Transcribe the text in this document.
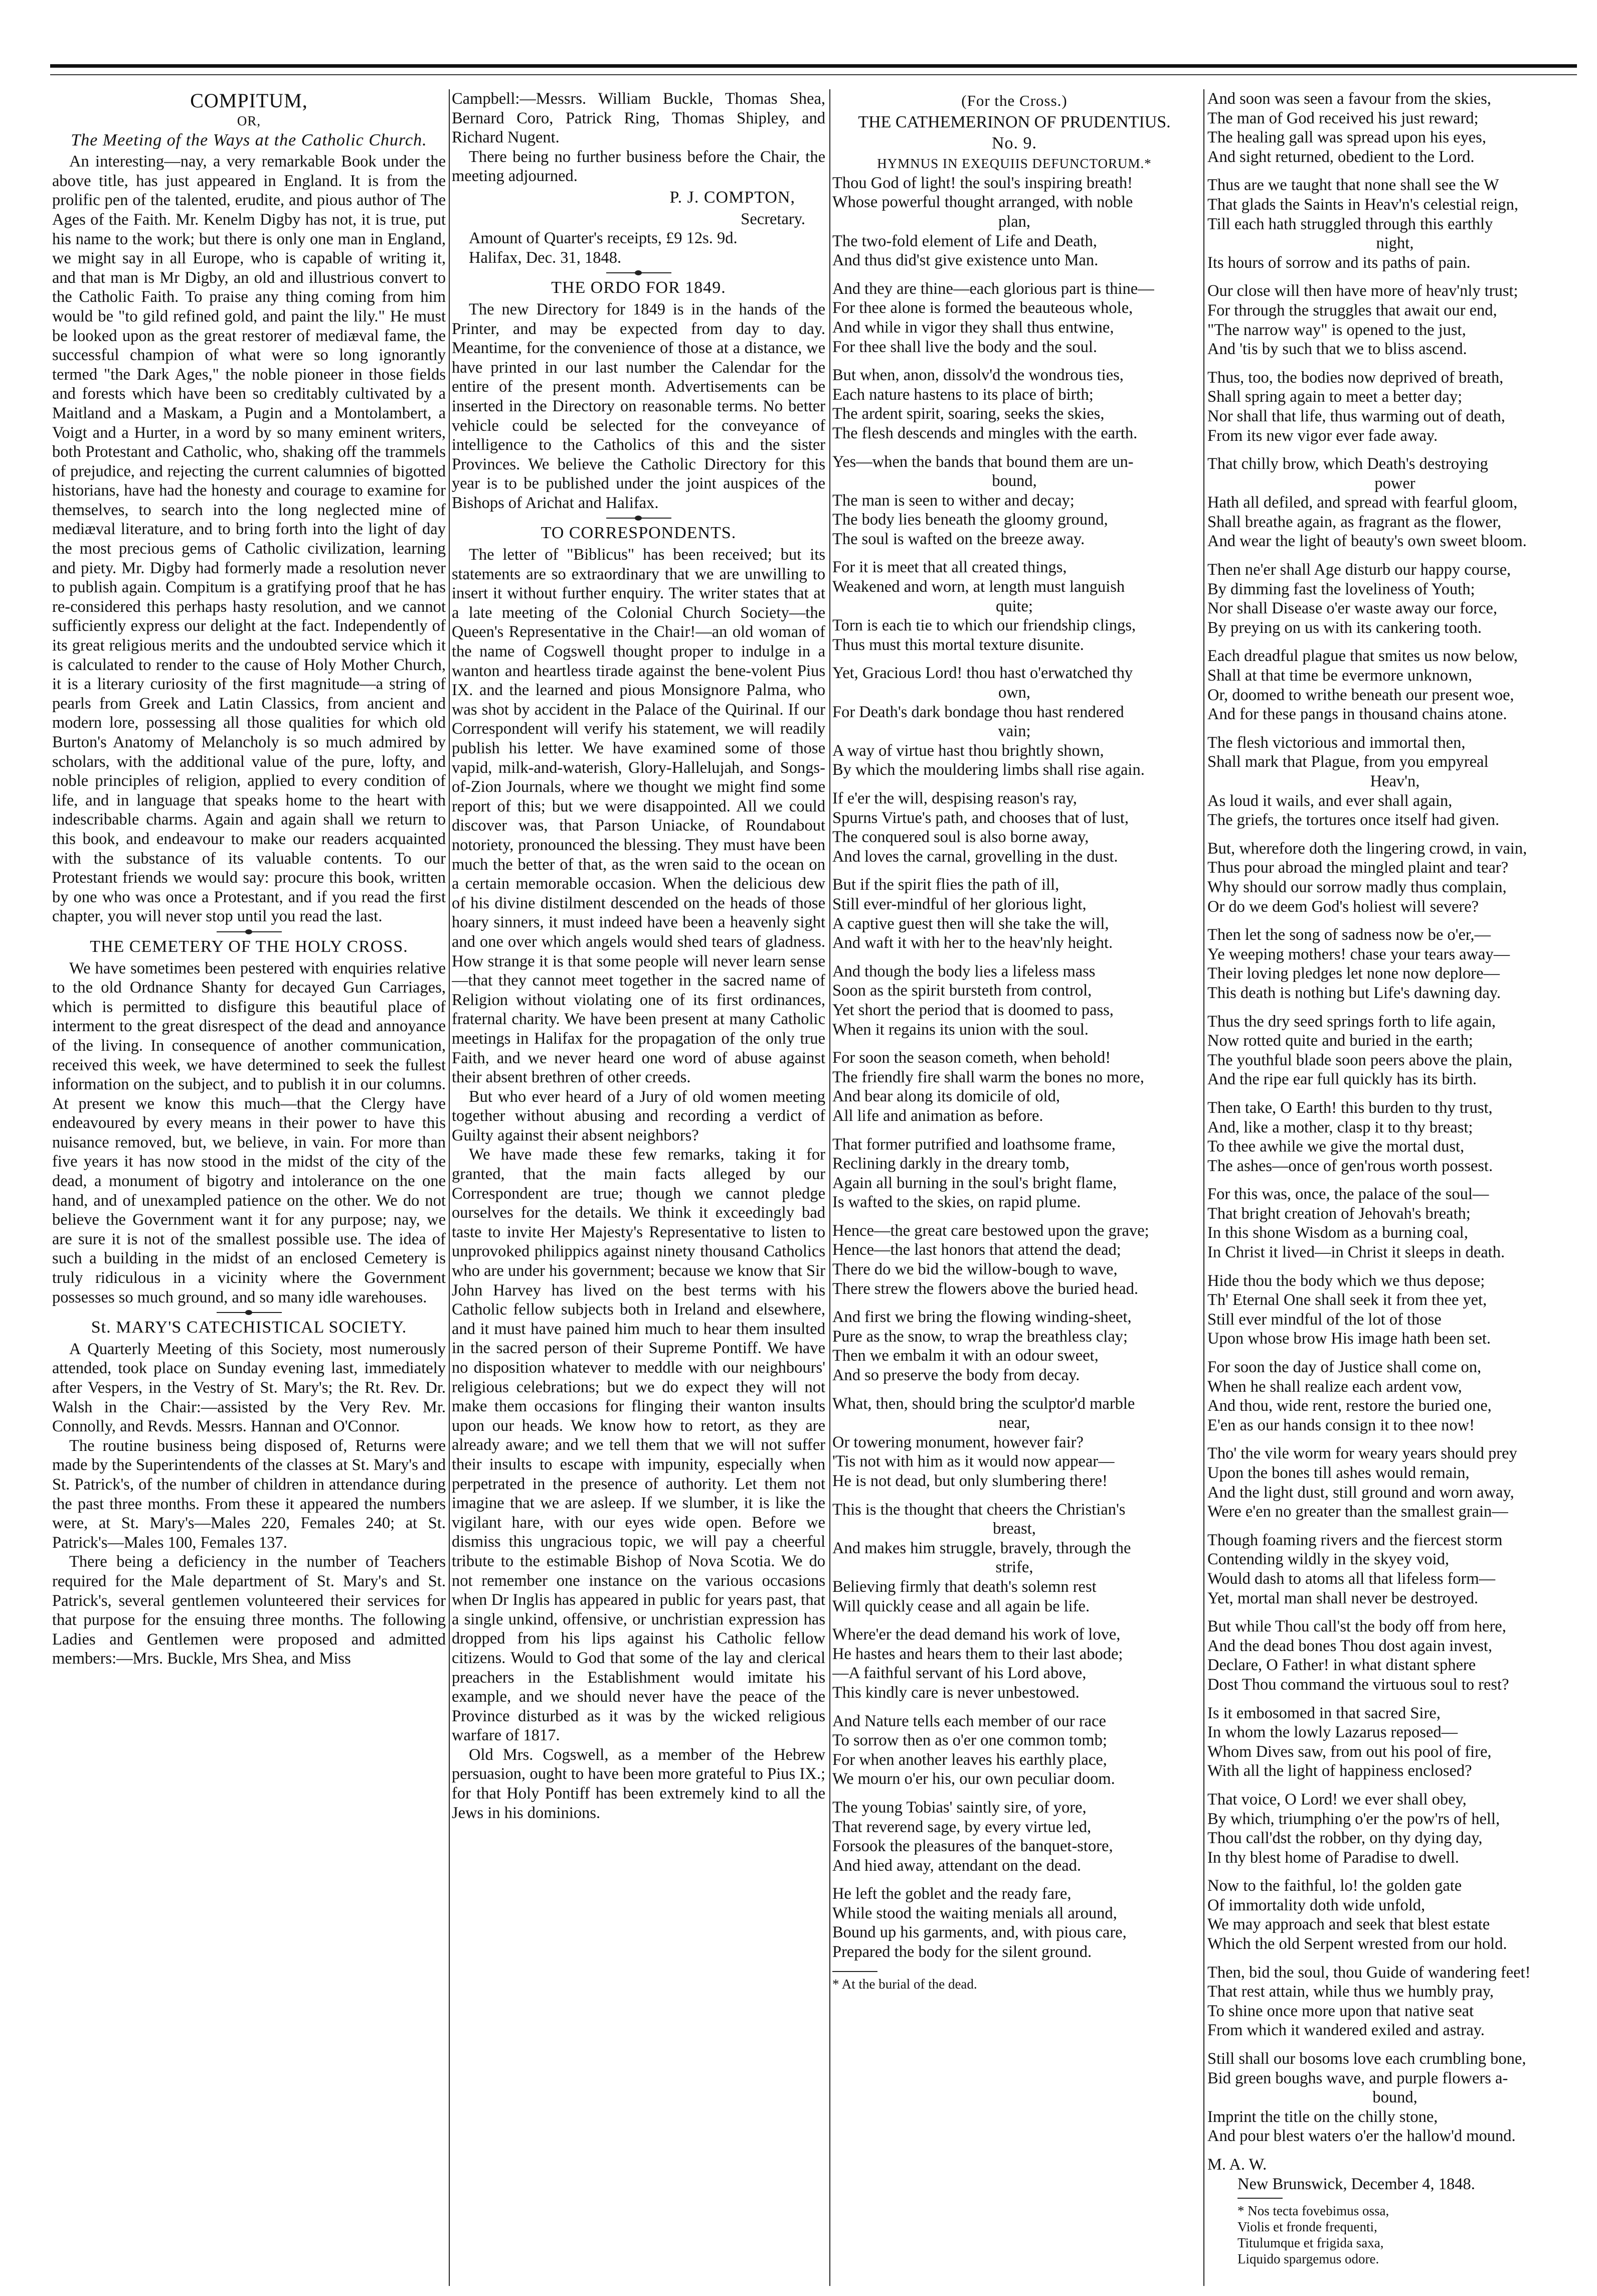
COMPITUM,
OR,
The Meeting of the Ways at the Catholic Church.

An interesting—nay, a very remarkable Book under the above title, has just appeared in England. It is from the prolific pen of the talented, erudite, and pious author of The Ages of the Faith. Mr. Kenelm Digby has not, it is true, put his name to the work; but there is only one man in England, we might say in all Europe, who is capable of writing it, and that man is Mr Digby, an old and illustrious convert to the Catholic Faith. To praise any thing coming from him would be "to gild refined gold, and paint the lily." He must be looked upon as the great restorer of mediæval fame, the successful champion of what were so long ignorantly termed "the Dark Ages," the noble pioneer in those fields and forests which have been so creditably cultivated by a Maitland and a Maskam, a Pugin and a Montolambert, a Voigt and a Hurter, in a word by so many eminent writers, both Protestant and Catholic, who, shaking off the trammels of prejudice, and rejecting the current calumnies of bigotted historians, have had the honesty and courage to examine for themselves, to search into the long neglected mine of mediæval literature, and to bring forth into the light of day the most precious gems of Catholic civilization, learning and piety. Mr. Digby had formerly made a resolution never to publish again. Compitum is a gratifying proof that he has re-considered this perhaps hasty resolution, and we cannot sufficiently express our delight at the fact. Independently of its great religious merits and the undoubted service which it is calculated to render to the cause of Holy Mother Church, it is a literary curiosity of the first magnitude—a string of pearls from Greek and Latin Classics, from ancient and modern lore, possessing all those qualities for which old Burton's Anatomy of Melancholy is so much admired by scholars, with the additional value of the pure, lofty, and noble principles of religion, applied to every condition of life, and in language that speaks home to the heart with indescribable charms. Again and again shall we return to this book, and endeavour to make our readers acquainted with the substance of its valuable contents. To our Protestant friends we would say: procure this book, written by one who was once a Protestant, and if you read the first chapter, you will never stop until you read the last.

THE CEMETERY OF THE HOLY CROSS.

We have sometimes been pestered with enquiries relative to the old Ordnance Shanty for decayed Gun Carriages, which is permitted to disfigure this beautiful place of interment to the great disrespect of the dead and annoyance of the living. In consequence of another communication, received this week, we have determined to seek the fullest information on the subject, and to publish it in our columns. At present we know this much—that the Clergy have endeavoured by every means in their power to have this nuisance removed, but, we believe, in vain. For more than five years it has now stood in the midst of the city of the dead, a monument of bigotry and intolerance on the one hand, and of unexampled patience on the other. We do not believe the Government want it for any purpose; nay, we are sure it is not of the smallest possible use. The idea of such a building in the midst of an enclosed Cemetery is truly ridiculous in a vicinity where the Government possesses so much ground, and so many idle warehouses.

St. MARY'S CATECHISTICAL SOCIETY.

A Quarterly Meeting of this Society, most numerously attended, took place on Sunday evening last, immediately after Vespers, in the Vestry of St. Mary's; the Rt. Rev. Dr. Walsh in the Chair:—assisted by the Very Rev. Mr. Connolly, and Revds. Messrs. Hannan and O'Connor.

The routine business being disposed of, Returns were made by the Superintendents of the classes at St. Mary's and St. Patrick's, of the number of children in attendance during the past three months. From these it appeared the numbers were, at St. Mary's—Males 220, Females 240; at St. Patrick's—Males 100, Females 137.

There being a deficiency in the number of Teachers required for the Male department of St. Mary's and St. Patrick's, several gentlemen volunteered their services for that purpose for the ensuing three months. The following Ladies and Gentlemen were proposed and admitted members:—Mrs. Buckle, Mrs Shea, and Miss

Campbell:—Messrs. William Buckle, Thomas Shea, Bernard Coro, Patrick Ring, Thomas Shipley, and Richard Nugent.

There being no further business before the Chair, the meeting adjourned.

P. J. COMPTON,
Secretary.

Amount of Quarter's receipts, £9 12s. 9d.

Halifax, Dec. 31, 1848.

THE ORDO FOR 1849.

The new Directory for 1849 is in the hands of the Printer, and may be expected from day to day. Meantime, for the convenience of those at a distance, we have printed in our last number the Calendar for the entire of the present month. Advertisements can be inserted in the Directory on reasonable terms. No better vehicle could be selected for the conveyance of intelligence to the Catholics of this and the sister Provinces. We believe the Catholic Directory for this year is to be published under the joint auspices of the Bishops of Arichat and Halifax.

TO CORRESPONDENTS.

The letter of "Biblicus" has been received; but its statements are so extraordinary that we are unwilling to insert it without further enquiry. The writer states that at a late meeting of the Colonial Church Society—the Queen's Representative in the Chair!—an old woman of the name of Cogswell thought proper to indulge in a wanton and heartless tirade against the bene-volent Pius IX. and the learned and pious Monsignore Palma, who was shot by accident in the Palace of the Quirinal. If our Correspondent will verify his statement, we will readily publish his letter. We have examined some of those vapid, milk-and-waterish, Glory-Hallelujah, and Songs-of-Zion Journals, where we thought we might find some report of this; but we were disappointed. All we could discover was, that Parson Uniacke, of Roundabout notoriety, pronounced the blessing. They must have been much the better of that, as the wren said to the ocean on a certain memorable occasion. When the delicious dew of his divine distilment descended on the heads of those hoary sinners, it must indeed have been a heavenly sight and one over which angels would shed tears of gladness. How strange it is that some people will never learn sense—that they cannot meet together in the sacred name of Religion without violating one of its first ordinances, fraternal charity. We have been present at many Catholic meetings in Halifax for the propagation of the only true Faith, and we never heard one word of abuse against their absent brethren of other creeds.

But who ever heard of a Jury of old women meeting together without abusing and recording a verdict of Guilty against their absent neighbors?

We have made these few remarks, taking it for granted, that the main facts alleged by our Correspondent are true; though we cannot pledge ourselves for the details. We think it exceedingly bad taste to invite Her Majesty's Representative to listen to unprovoked philippics against ninety thousand Catholics who are under his government; because we know that Sir John Harvey has lived on the best terms with his Catholic fellow subjects both in Ireland and elsewhere, and it must have pained him much to hear them insulted in the sacred person of their Supreme Pontiff. We have no disposition whatever to meddle with our neighbours' religious celebrations; but we do expect they will not make them occasions for flinging their wanton insults upon our heads. We know how to retort, as they are already aware; and we tell them that we will not suffer their insults to escape with impunity, especially when perpetrated in the presence of authority. Let them not imagine that we are asleep. If we slumber, it is like the vigilant hare, with our eyes wide open. Before we dismiss this ungracious topic, we will pay a cheerful tribute to the estimable Bishop of Nova Scotia. We do not remember one instance on the various occasions when Dr Inglis has appeared in public for years past, that a single unkind, offensive, or unchristian expression has dropped from his lips against his Catholic fellow citizens. Would to God that some of the lay and clerical preachers in the Establishment would imitate his example, and we should never have the peace of the Province disturbed as it was by the wicked religious warfare of 1817.

Old Mrs. Cogswell, as a member of the Hebrew persuasion, ought to have been more grateful to Pius IX.; for that Holy Pontiff has been extremely kind to all the Jews in his dominions.

(For the Cross.)
THE CATHEMERINON OF PRUDENTIUS.
No. 9.
HYMNUS IN EXEQUIIS DEFUNCTORUM.*

Thou God of light! the soul's inspiring breath!

Whose powerful thought arranged, with noble

plan,

The two-fold element of Life and Death,

And thus did'st give existence unto Man.

And they are thine—each glorious part is thine—

For thee alone is formed the beauteous whole,

And while in vigor they shall thus entwine,

For thee shall live the body and the soul.

But when, anon, dissolv'd the wondrous ties,

Each nature hastens to its place of birth;

The ardent spirit, soaring, seeks the skies,

The flesh descends and mingles with the earth.

Yes—when the bands that bound them are un-

bound,

The man is seen to wither and decay;

The body lies beneath the gloomy ground,

The soul is wafted on the breeze away.

For it is meet that all created things,

Weakened and worn, at length must languish

quite;

Torn is each tie to which our friendship clings,

Thus must this mortal texture disunite.

Yet, Gracious Lord! thou hast o'erwatched thy

own,

For Death's dark bondage thou hast rendered

vain;

A way of virtue hast thou brightly shown,

By which the mouldering limbs shall rise again.

If e'er the will, despising reason's ray,

Spurns Virtue's path, and chooses that of lust,

The conquered soul is also borne away,

And loves the carnal, grovelling in the dust.

But if the spirit flies the path of ill,

Still ever-mindful of her glorious light,

A captive guest then will she take the will,

And waft it with her to the heav'nly height.

And though the body lies a lifeless mass

Soon as the spirit bursteth from control,

Yet short the period that is doomed to pass,

When it regains its union with the soul.

For soon the season cometh, when behold!

The friendly fire shall warm the bones no more,

And bear along its domicile of old,

All life and animation as before.

That former putrified and loathsome frame,

Reclining darkly in the dreary tomb,

Again all burning in the soul's bright flame,

Is wafted to the skies, on rapid plume.

Hence—the great care bestowed upon the grave;

Hence—the last honors that attend the dead;

There do we bid the willow-bough to wave,

There strew the flowers above the buried head.

And first we bring the flowing winding-sheet,

Pure as the snow, to wrap the breathless clay;

Then we embalm it with an odour sweet,

And so preserve the body from decay.

What, then, should bring the sculptor'd marble

near,

Or towering monument, however fair?

'Tis not with him as it would now appear—

He is not dead, but only slumbering there!

This is the thought that cheers the Christian's

breast,

And makes him struggle, bravely, through the

strife,

Believing firmly that death's solemn rest

Will quickly cease and all again be life.

Where'er the dead demand his work of love,

He hastes and hears them to their last abode;

—A faithful servant of his Lord above,

This kindly care is never unbestowed.

And Nature tells each member of our race

To sorrow then as o'er one common tomb;

For when another leaves his earthly place,

We mourn o'er his, our own peculiar doom.

The young Tobias' saintly sire, of yore,

That reverend sage, by every virtue led,

Forsook the pleasures of the banquet-store,

And hied away, attendant on the dead.

He left the goblet and the ready fare,

While stood the waiting menials all around,

Bound up his garments, and, with pious care,

Prepared the body for the silent ground.

* At the burial of the dead.

And soon was seen a favour from the skies,

The man of God received his just reward;

The healing gall was spread upon his eyes,

And sight returned, obedient to the Lord.

Thus are we taught that none shall see the W

That glads the Saints in Heav'n's celestial reign,

Till each hath struggled through this earthly

night,

Its hours of sorrow and its paths of pain.

Our close will then have more of heav'nly trust;

For through the struggles that await our end,

"The narrow way" is opened to the just,

And 'tis by such that we to bliss ascend.

Thus, too, the bodies now deprived of breath,

Shall spring again to meet a better day;

Nor shall that life, thus warming out of death,

From its new vigor ever fade away.

That chilly brow, which Death's destroying

power

Hath all defiled, and spread with fearful gloom,

Shall breathe again, as fragrant as the flower,

And wear the light of beauty's own sweet bloom.

Then ne'er shall Age disturb our happy course,

By dimming fast the loveliness of Youth;

Nor shall Disease o'er waste away our force,

By preying on us with its cankering tooth.

Each dreadful plague that smites us now below,

Shall at that time be evermore unknown,

Or, doomed to writhe beneath our present woe,

And for these pangs in thousand chains atone.

The flesh victorious and immortal then,

Shall mark that Plague, from you empyreal

Heav'n,

As loud it wails, and ever shall again,

The griefs, the tortures once itself had given.

But, wherefore doth the lingering crowd, in vain,

Thus pour abroad the mingled plaint and tear?

Why should our sorrow madly thus complain,

Or do we deem God's holiest will severe?

Then let the song of sadness now be o'er,—

Ye weeping mothers! chase your tears away—

Their loving pledges let none now deplore—

This death is nothing but Life's dawning day.

Thus the dry seed springs forth to life again,

Now rotted quite and buried in the earth;

The youthful blade soon peers above the plain,

And the ripe ear full quickly has its birth.

Then take, O Earth! this burden to thy trust,

And, like a mother, clasp it to thy breast;

To thee awhile we give the mortal dust,

The ashes—once of gen'rous worth possest.

For this was, once, the palace of the soul—

That bright creation of Jehovah's breath;

In this shone Wisdom as a burning coal,

In Christ it lived—in Christ it sleeps in death.

Hide thou the body which we thus depose;

Th' Eternal One shall seek it from thee yet,

Still ever mindful of the lot of those

Upon whose brow His image hath been set.

For soon the day of Justice shall come on,

When he shall realize each ardent vow,

And thou, wide rent, restore the buried one,

E'en as our hands consign it to thee now!

Tho' the vile worm for weary years should prey

Upon the bones till ashes would remain,

And the light dust, still ground and worn away,

Were e'en no greater than the smallest grain—

Though foaming rivers and the fiercest storm

Contending wildly in the skyey void,

Would dash to atoms all that lifeless form—

Yet, mortal man shall never be destroyed.

But while Thou call'st the body off from here,

And the dead bones Thou dost again invest,

Declare, O Father! in what distant sphere

Dost Thou command the virtuous soul to rest?

Is it embosomed in that sacred Sire,

In whom the lowly Lazarus reposed—

Whom Dives saw, from out his pool of fire,

With all the light of happiness enclosed?

That voice, O Lord! we ever shall obey,

By which, triumphing o'er the pow'rs of hell,

Thou call'dst the robber, on thy dying day,

In thy blest home of Paradise to dwell.

Now to the faithful, lo! the golden gate

Of immortality doth wide unfold,

We may approach and seek that blest estate

Which the old Serpent wrested from our hold.

Then, bid the soul, thou Guide of wandering feet!

That rest attain, while thus we humbly pray,

To shine once more upon that native seat

From which it wandered exiled and astray.

Still shall our bosoms love each crumbling bone,

Bid green boughs wave, and purple flowers a-

bound,

Imprint the title on the chilly stone,

And pour blest waters o'er the hallow'd mound.

M. A. W.

New Brunswick, December 4, 1848.

* Nos tecta fovebimus ossa,

Violis et fronde frequenti,

Titulumque et frigida saxa,

Liquido spargemus odore.
